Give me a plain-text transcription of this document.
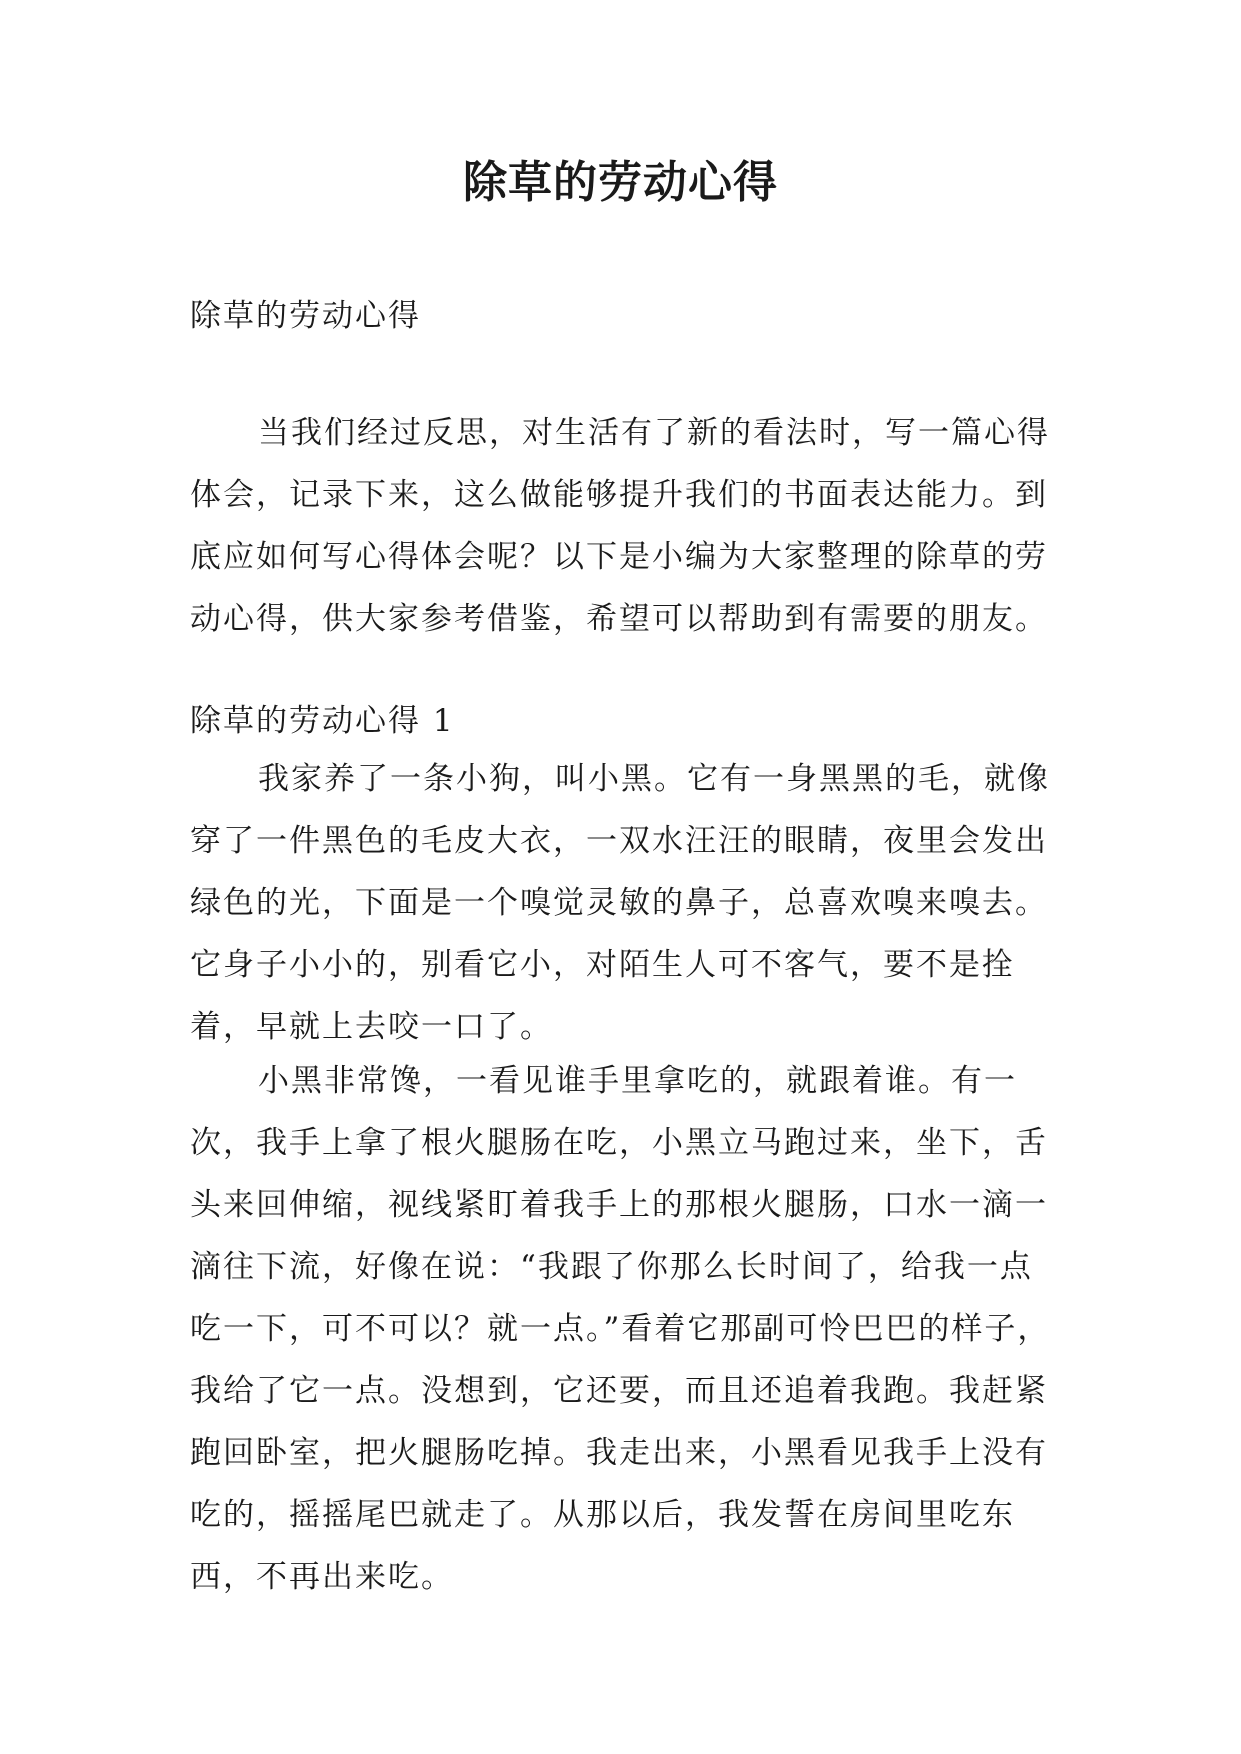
除草的劳动心得

除草的劳动心得

当我们经过反思，对生活有了新的看法时，写一篇心得体会，记录下来，这么做能够提升我们的书面表达能力。到底应如何写心得体会呢？以下是小编为大家整理的除草的劳动心得，供大家参考借鉴，希望可以帮助到有需要的朋友。

除草的劳动心得 1

我家养了一条小狗，叫小黑。它有一身黑黑的毛，就像穿了一件黑色的毛皮大衣，一双水汪汪的眼睛，夜里会发出绿色的光，下面是一个嗅觉灵敏的鼻子，总喜欢嗅来嗅去。它身子小小的，别看它小，对陌生人可不客气，要不是拴着，早就上去咬一口了。

小黑非常馋，一看见谁手里拿吃的，就跟着谁。有一次，我手上拿了根火腿肠在吃，小黑立马跑过来，坐下，舌头来回伸缩，视线紧盯着我手上的那根火腿肠，口水一滴一滴往下流，好像在说：“我跟了你那么长时间了，给我一点吃一下，可不可以？就一点。”看着它那副可怜巴巴的样子，我给了它一点。没想到，它还要，而且还追着我跑。我赶紧跑回卧室，把火腿肠吃掉。我走出来，小黑看见我手上没有吃的，摇摇尾巴就走了。从那以后，我发誓在房间里吃东西，不再出来吃。
